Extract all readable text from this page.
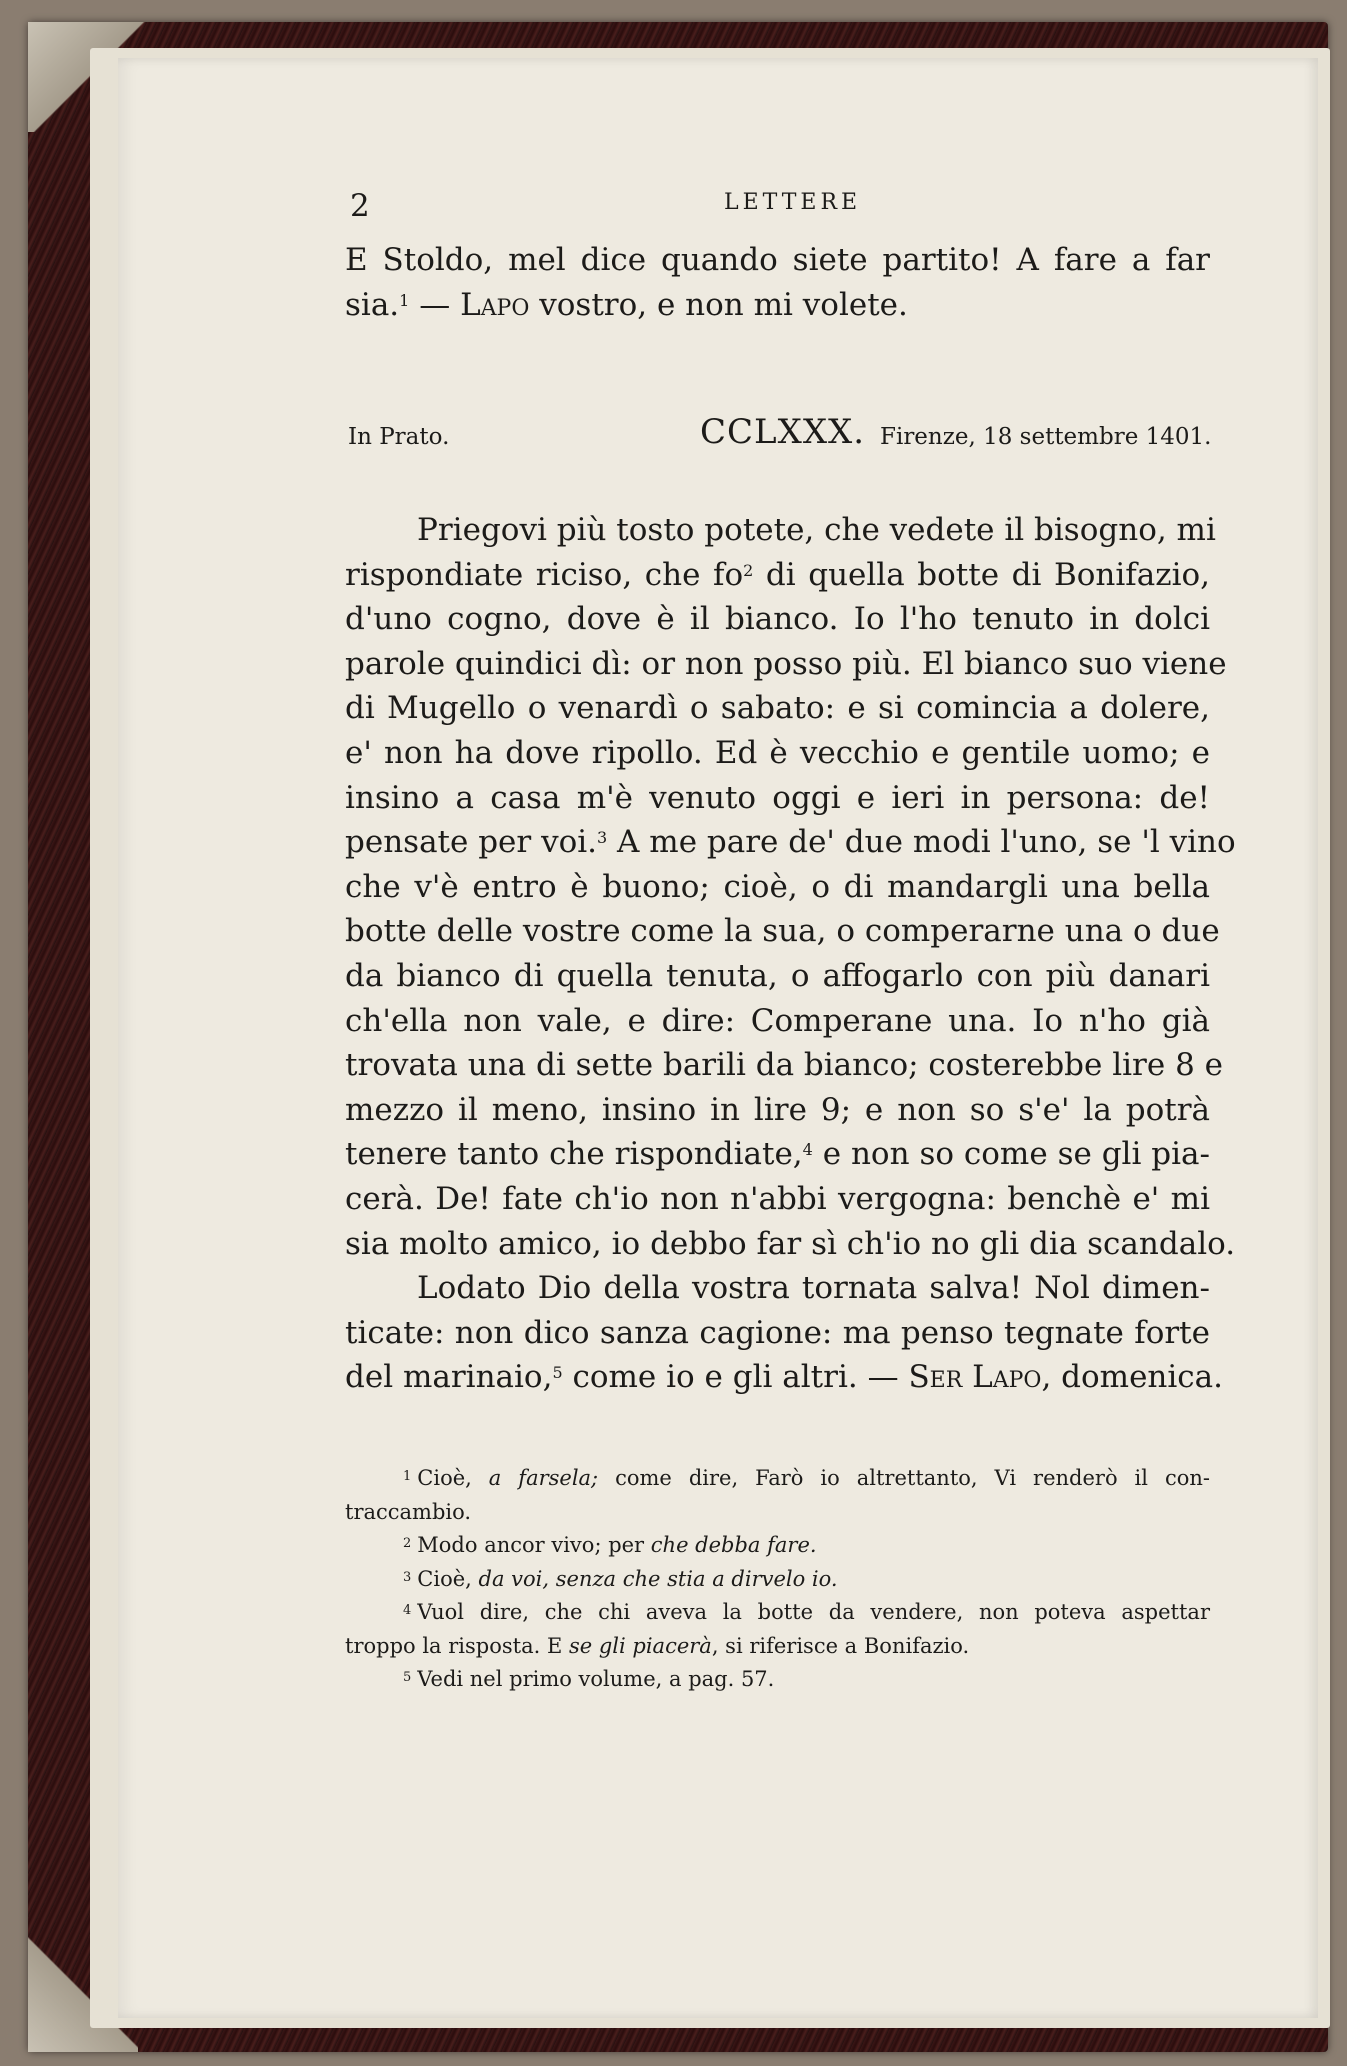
2	LETTERE
E Stoldo, mel dice quando siete partito! A fare a far
sia.$^1$ — Lapo vostro, e non mi volete.
In Prato.	CCLXXX. Firenze, 18 settembre 1401.
Priegovi più tosto potete, che vedete il bisogno, mi
rispondiate riciso, che fo$^2$ di quella botte di Bonifazio,
d'uno cogno, dove è il bianco. Io l'ho tenuto in dolci
parole quindici dì: or non posso più. El bianco suo viene
di Mugello o venardì o sabato: e si comincia a dolere,
e' non ha dove ripollo. Ed è vecchio e gentile uomo; e
insino a casa m'è venuto oggi e ieri in persona: de!
pensate per voi.$^3$ A me pare de' due modi l'uno, se 'l vino
che v'è entro è buono; cioè, o di mandargli una bella
botte delle vostre come la sua, o comperarne una o due
da bianco di quella tenuta, o affogarlo con più danari
ch'ella non vale, e dire: Comperane una. Io n'ho già
trovata una di sette barili da bianco; costerebbe lire 8 e
mezzo il meno, insino in lire 9; e non so s'e' la potrà
tenere tanto che rispondiate,$^4$ e non so come se gli pia-
cerà. De! fate ch'io non n'abbi vergogna: benchè e' mi
sia molto amico, io debbo far sì ch'io no gli dia scandalo.
Lodato Dio della vostra tornata salva! Nol dimen-
ticate: non dico sanza cagione: ma penso tegnate forte
del marinaio,$^5$ come io e gli altri. — Ser Lapo, domenica.
$^1$ Cioè, a farsela; come dire, Farò io altrettanto, Vi renderò il con-
traccambio.
$^2$ Modo ancor vivo; per che debba fare.
$^3$ Cioè, da voi, senza che stia a dirvelo io.
$^4$ Vuol dire, che chi aveva la botte da vendere, non poteva aspettar
troppo la risposta. E se gli piacerà, si riferisce a Bonifazio.
$^5$ Vedi nel primo volume, a pag. 57.
